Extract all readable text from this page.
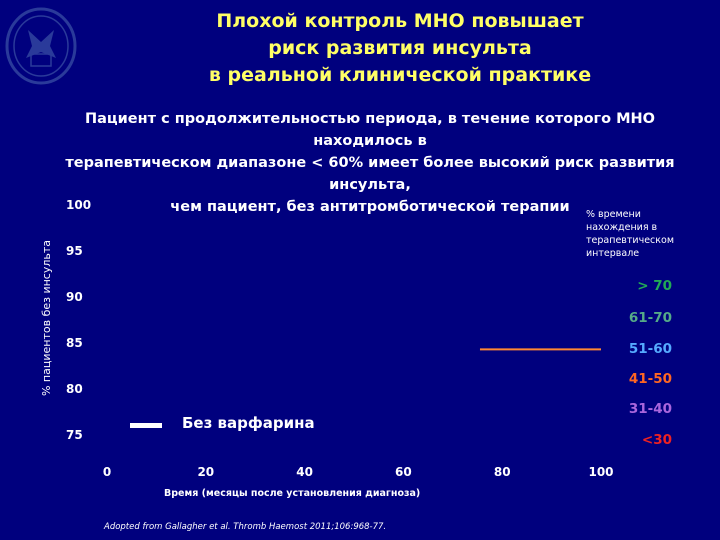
Плохой контроль МНО повышает
риск развития инсульта
в реальной клинической практике
Пациент с продолжительностью периода, в течение которого МНО находилось в
терапевтическом диапазоне < 60% имеет более высокий риск развития инсульта,
чем пациент, без антитромботической терапии
% пациентов без инсульта
0	20	40	60	80	100
100
95
90
85
80
75
% времени нахождения в терапевтическом интервале
> 70
61-70
51-60
41-50
31-40
<30
Без варфарина
Время (месяцы после установления диагноза)
Adopted from Gallagher et al. Thromb Haemost 2011;106:968-77.
